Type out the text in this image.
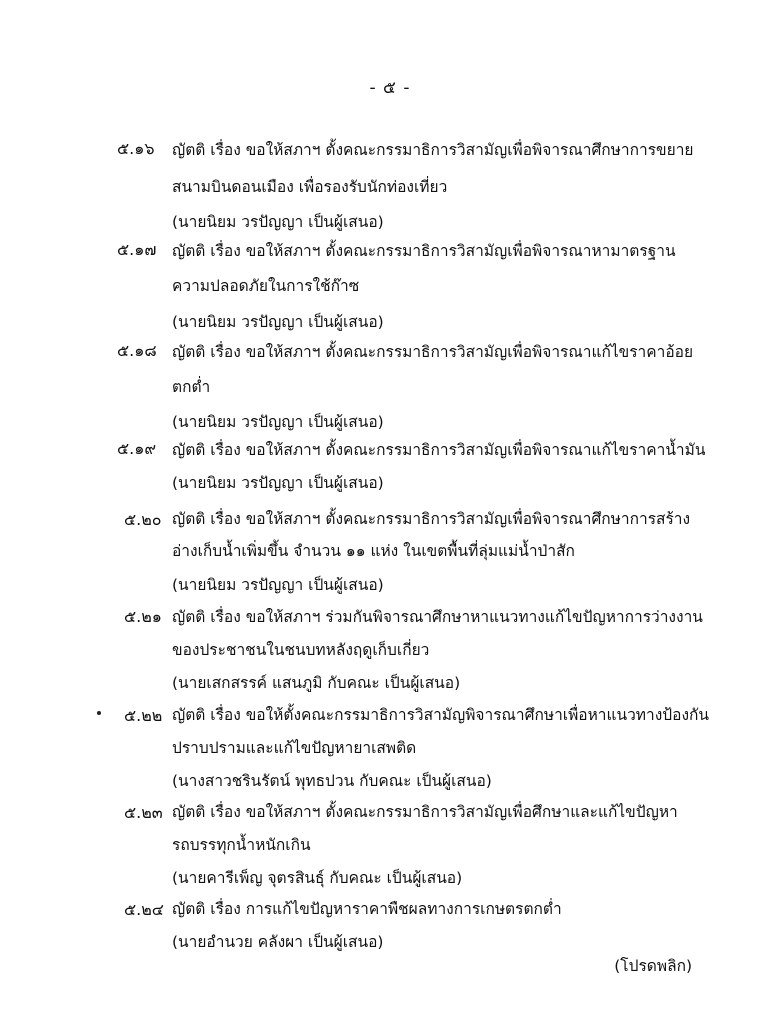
- ๕ -
๕.๑๖ ญัตติ เรื่อง ขอให้สภาฯ ตั้งคณะกรรมาธิการวิสามัญเพื่อพิจารณาศึกษาการขยาย
สนามบินดอนเมือง เพื่อรองรับนักท่องเที่ยว
(นายนิยม วรปัญญา เป็นผู้เสนอ)
๕.๑๗ ญัตติ เรื่อง ขอให้สภาฯ ตั้งคณะกรรมาธิการวิสามัญเพื่อพิจารณาหามาตรฐาน
ความปลอดภัยในการใช้ก๊าซ
(นายนิยม วรปัญญา เป็นผู้เสนอ)
๕.๑๘ ญัตติ เรื่อง ขอให้สภาฯ ตั้งคณะกรรมาธิการวิสามัญเพื่อพิจารณาแก้ไขราคาอ้อย
ตกต่ำ
(นายนิยม วรปัญญา เป็นผู้เสนอ)
๕.๑๙ ญัตติ เรื่อง ขอให้สภาฯ ตั้งคณะกรรมาธิการวิสามัญเพื่อพิจารณาแก้ไขราคาน้ำมัน
(นายนิยม วรปัญญา เป็นผู้เสนอ)
๕.๒๐ ญัตติ เรื่อง ขอให้สภาฯ ตั้งคณะกรรมาธิการวิสามัญเพื่อพิจารณาศึกษาการสร้าง
อ่างเก็บน้ำเพิ่มขึ้น จำนวน ๑๑ แห่ง ในเขตพื้นที่ลุ่มแม่น้ำป่าสัก
(นายนิยม วรปัญญา เป็นผู้เสนอ)
๕.๒๑ ญัตติ เรื่อง ขอให้สภาฯ ร่วมกันพิจารณาศึกษาหาแนวทางแก้ไขปัญหาการว่างงาน
ของประชาชนในชนบทหลังฤดูเก็บเกี่ยว
(นายเสกสรรค์ แสนภูมิ กับคณะ เป็นผู้เสนอ)
๕.๒๒ ญัตติ เรื่อง ขอให้ตั้งคณะกรรมาธิการวิสามัญพิจารณาศึกษาเพื่อหาแนวทางป้องกัน
ปราบปรามและแก้ไขปัญหายาเสพติด
(นางสาวชรินรัตน์ พุทธปวน กับคณะ เป็นผู้เสนอ)
๕.๒๓ ญัตติ เรื่อง ขอให้สภาฯ ตั้งคณะกรรมาธิการวิสามัญเพื่อศึกษาและแก้ไขปัญหา
รถบรรทุกน้ำหนักเกิน
(นายคารีเพ็ญ จุตรสินธุ์ กับคณะ เป็นผู้เสนอ)
๕.๒๔ ญัตติ เรื่อง การแก้ไขปัญหาราคาพืชผลทางการเกษตรตกต่ำ
(นายอำนวย คลังผา เป็นผู้เสนอ)
(โปรดพลิก)
